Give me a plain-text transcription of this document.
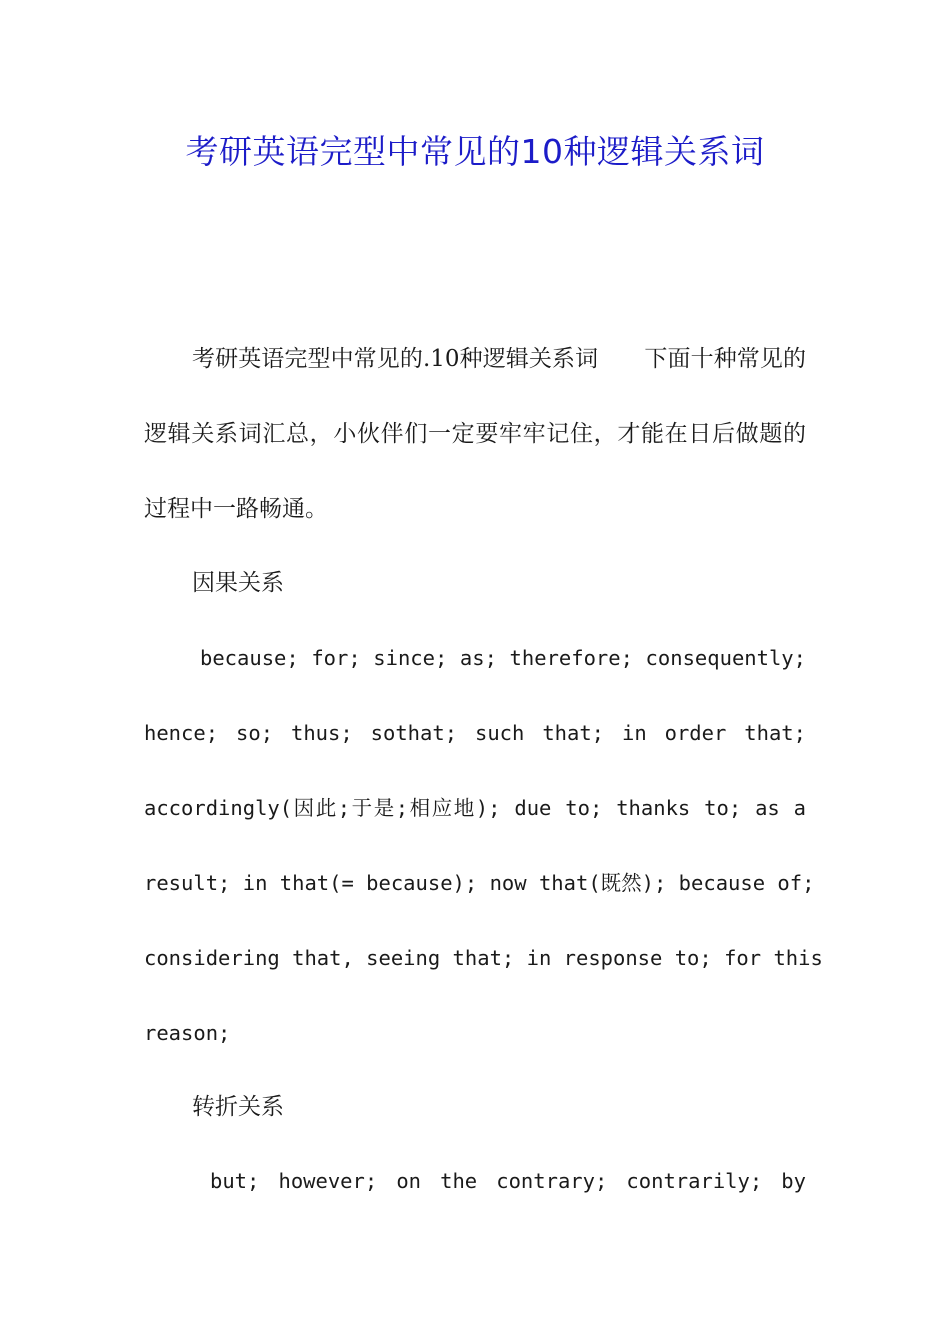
考研英语完型中常见的10种逻辑关系词

考研英语完型中常见的.10种逻辑关系词　　下面十种常见的逻辑关系词汇总，小伙伴们一定要牢牢记住，才能在日后做题的过程中一路畅通。

因果关系
because; for; since; as; therefore; consequently;
hence; so; thus; sothat; such that; in order that;
accordingly(因此;于是;相应地); due to; thanks to; as a
result; in that(= because); now that(既然); because of;
considering that, seeing that; in response to; for this
reason;
转折关系
but; however; on the contrary; contrarily; by
